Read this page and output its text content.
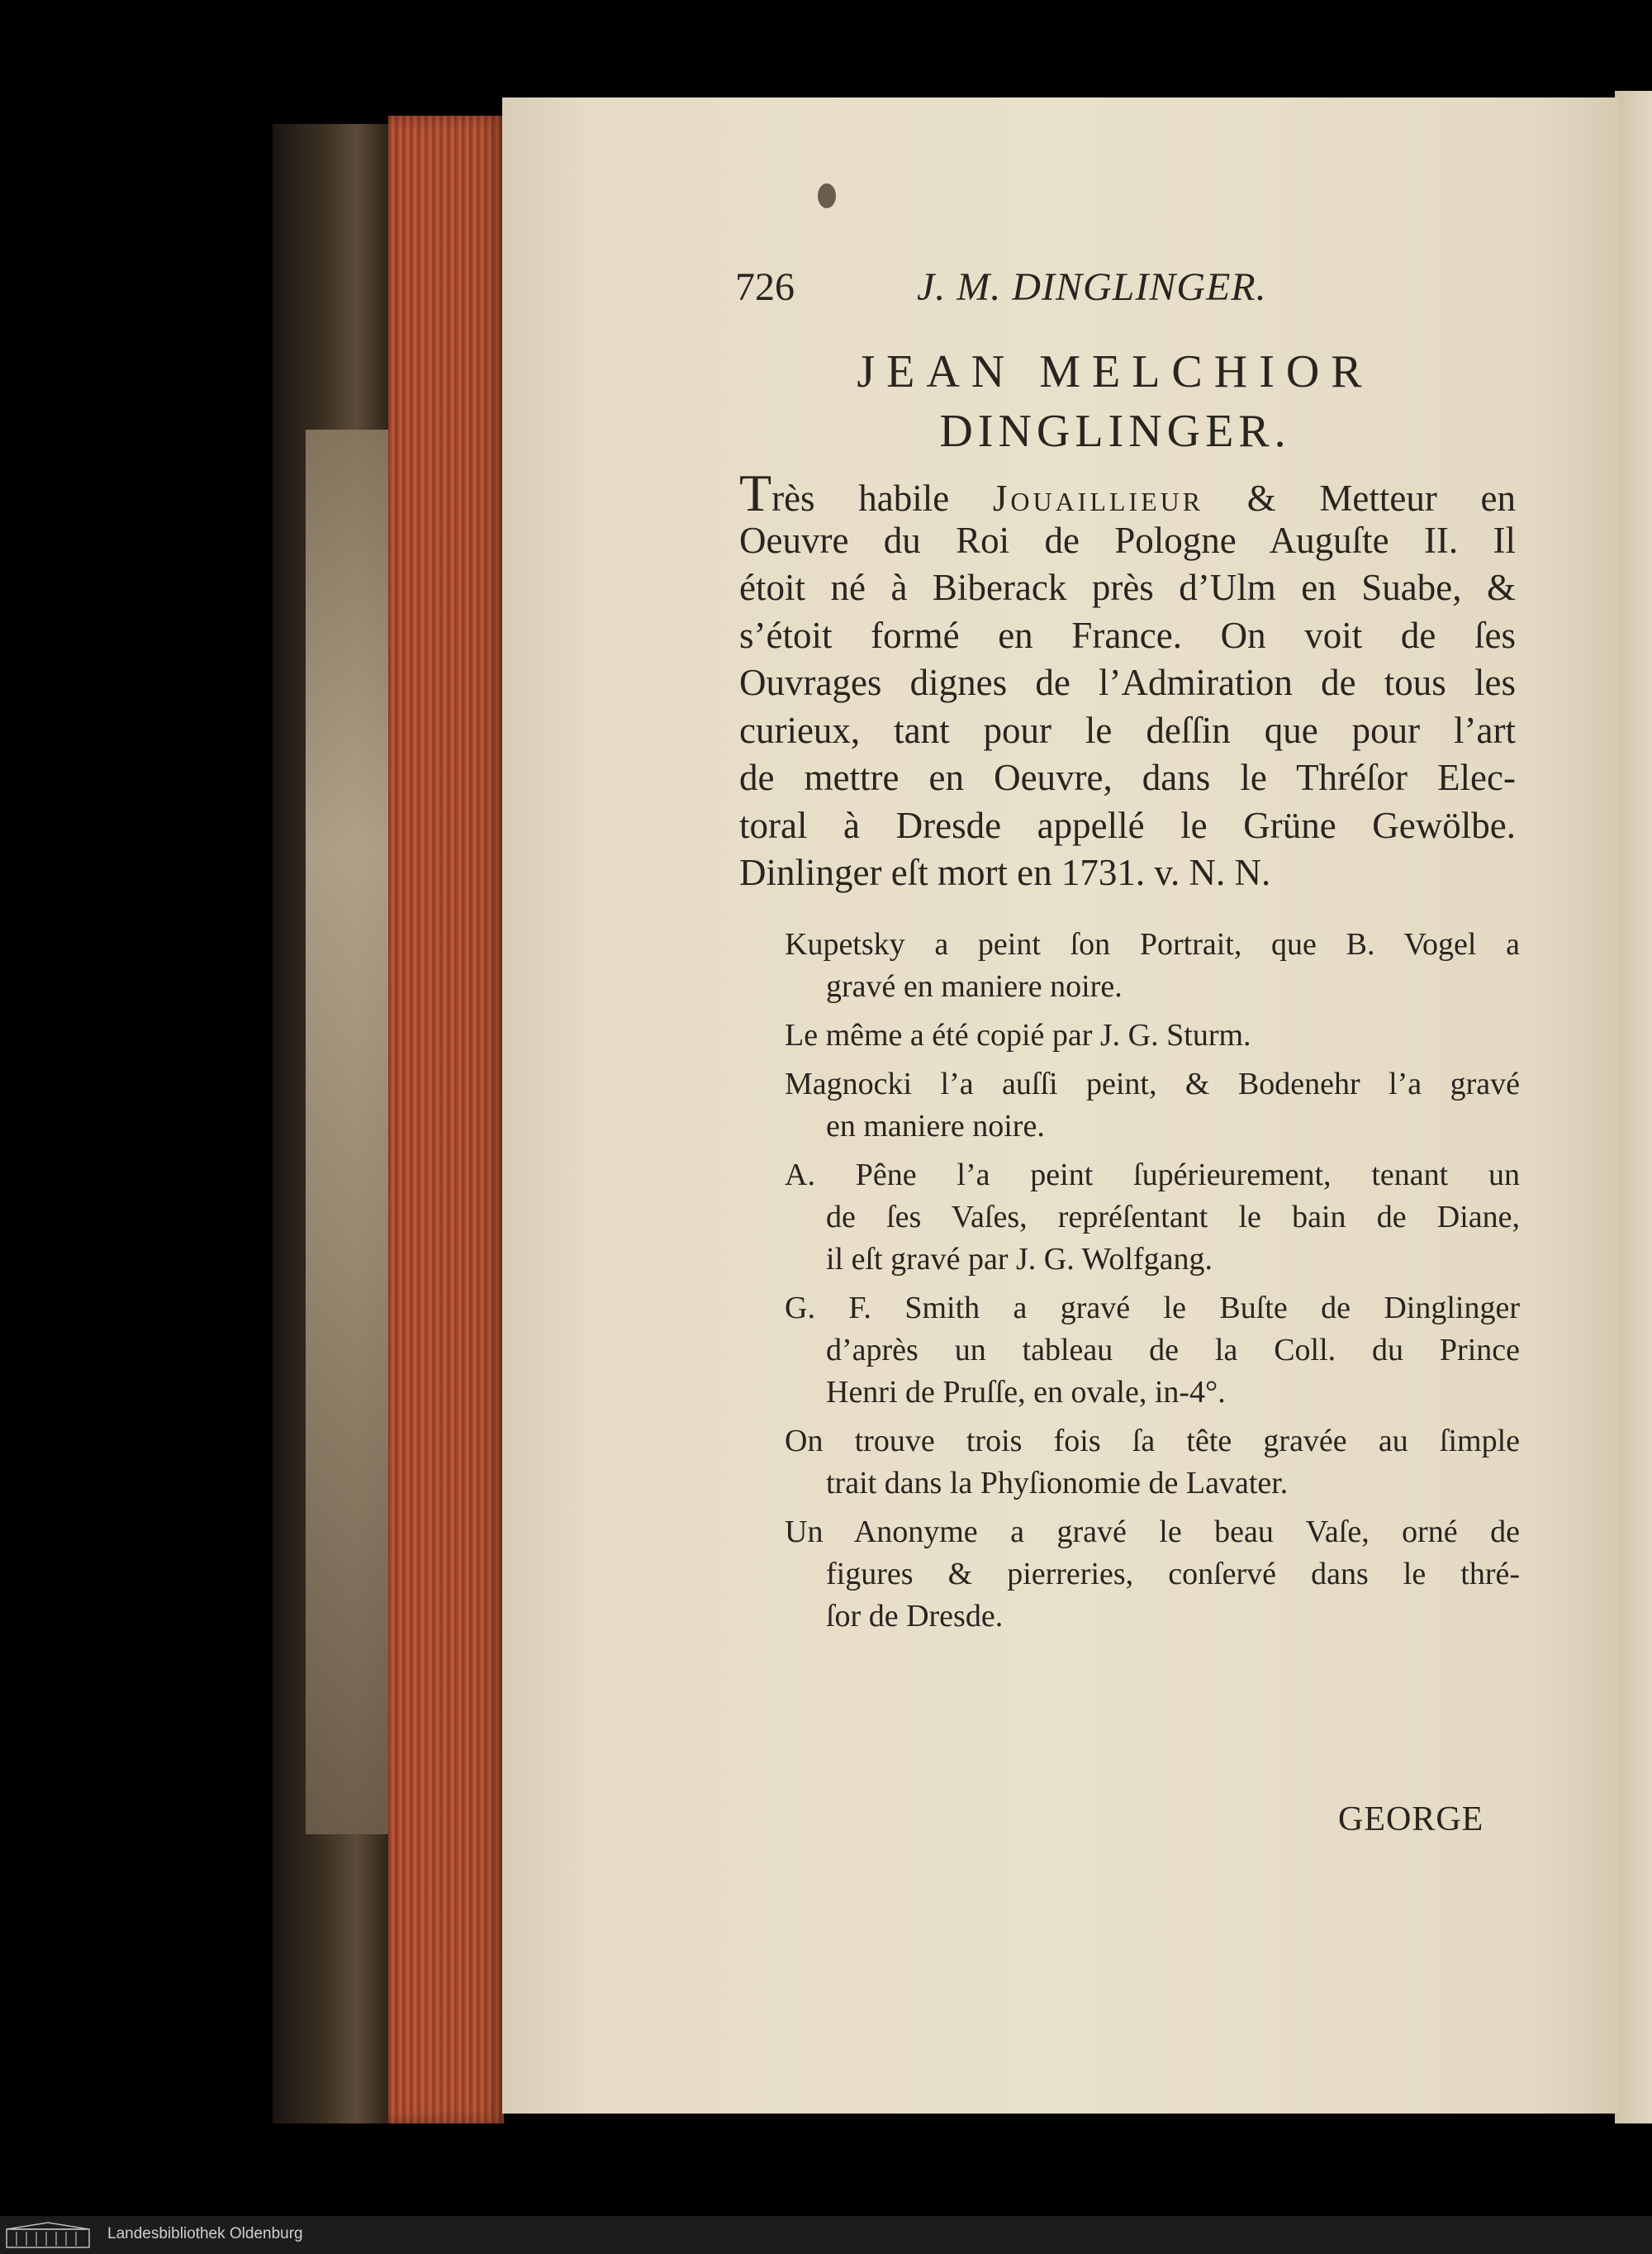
726	J. M. DINGLINGER.
JEAN MELCHIOR
DINGLINGER.
Très habile Jouaillieur & Metteur en
Oeuvre du Roi de Pologne Auguſte II. Il
étoit né à Biberack près d’Ulm en Suabe, &
s’étoit formé en France. On voit de ſes
Ouvrages dignes de l’Admiration de tous les
curieux, tant pour le deſſin que pour l’art
de mettre en Oeuvre, dans le Thréſor Elec-
toral à Dresde appellé le Grüne Gewölbe.
Dinlinger eſt mort en 1731. v. N. N.
Kupetsky a peint ſon Portrait, que B. Vogel a
gravé en maniere noire.
Le même a été copié par J. G. Sturm.
Magnocki l’a auſſi peint, & Bodenehr l’a gravé
en maniere noire.
A. Pêne l’a peint ſupérieurement, tenant un
de ſes Vaſes, repréſentant le bain de Diane,
il eſt gravé par J. G. Wolfgang.
G. F. Smith a gravé le Buſte de Dinglinger
d’après un tableau de la Coll. du Prince
Henri de Pruſſe, en ovale, in-4°.
On trouve trois fois ſa tête gravée au ſimple
trait dans la Phyſionomie de Lavater.
Un Anonyme a gravé le beau Vaſe, orné de
figures & pierreries, conſervé dans le thré-
ſor de Dresde.
GEORGE
Landesbibliothek Oldenburg
